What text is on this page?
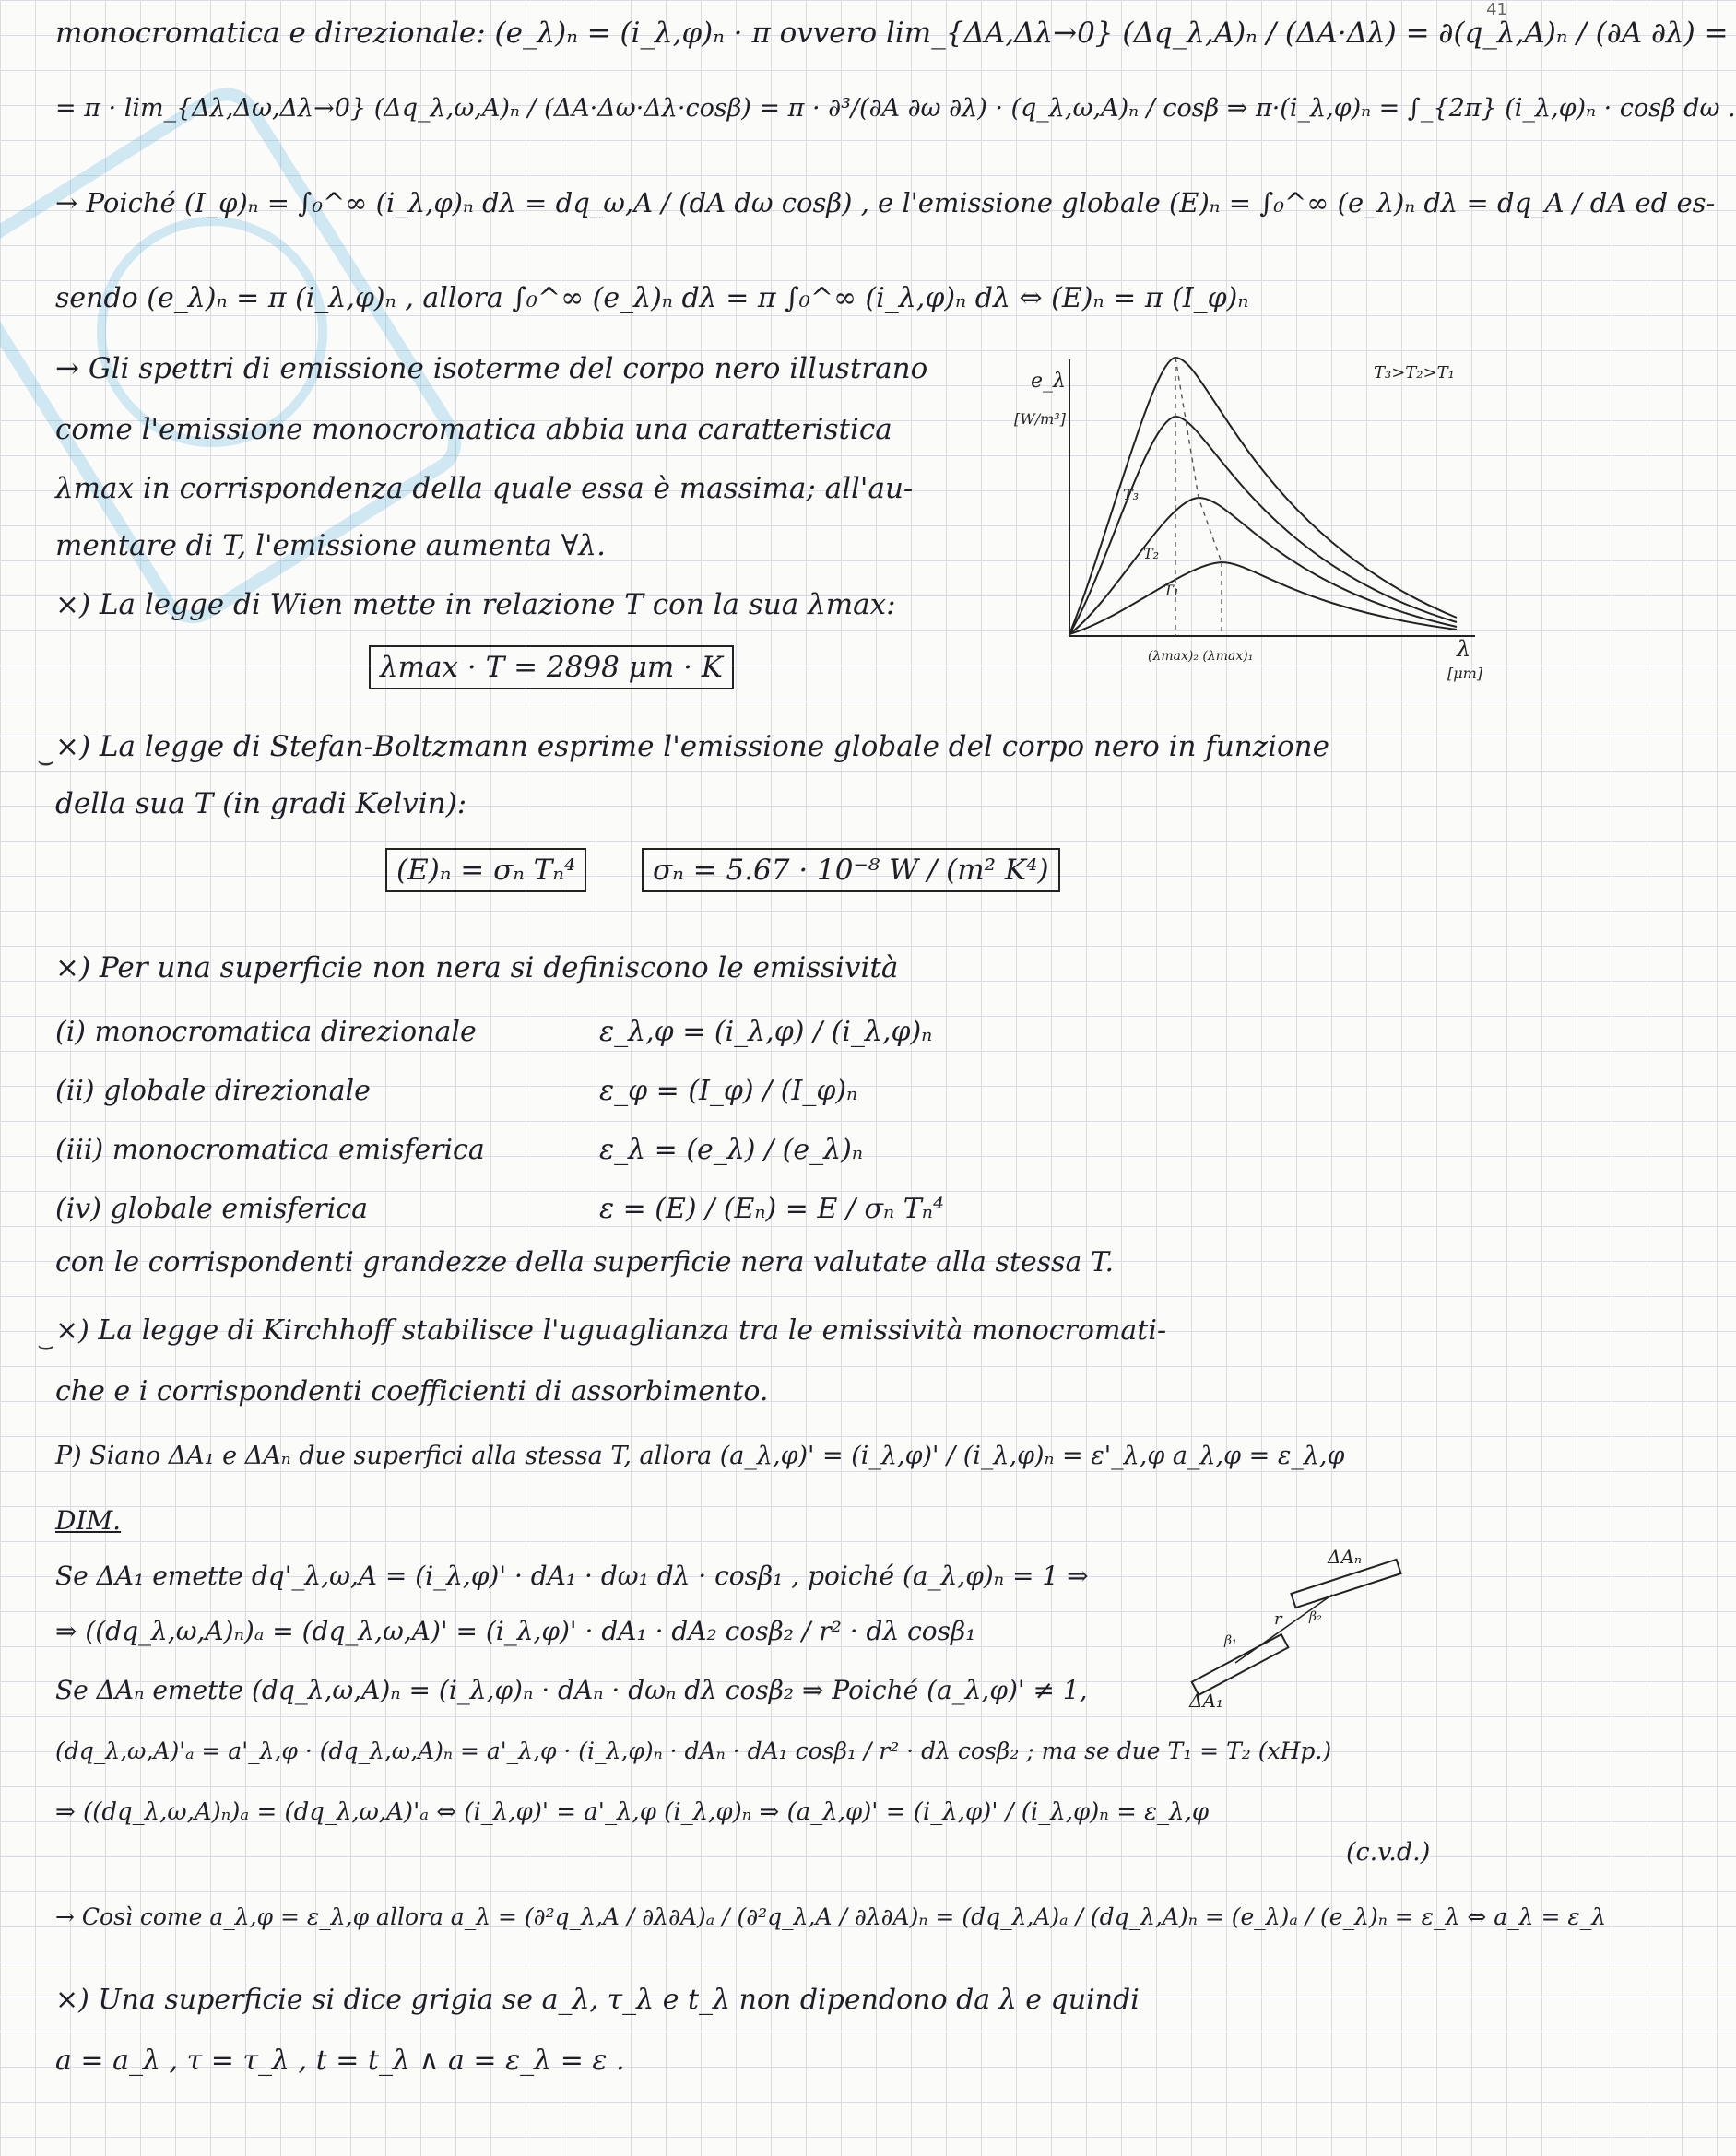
41
monocromatica e direzionale: (e_λ)ₙ = (i_λ,φ)ₙ · π ovvero lim_{ΔA,Δλ→0} (Δq_λ,A)ₙ / (ΔA·Δλ) = ∂(q_λ,A)ₙ / (∂A ∂λ) =
= π · lim_{Δλ,Δω,Δλ→0} (Δq_λ,ω,A)ₙ / (ΔA·Δω·Δλ·cosβ) = π · ∂³/(∂A ∂ω ∂λ) · (q_λ,ω,A)ₙ / cosβ ⇒ π·(i_λ,φ)ₙ = ∫_{2π} (i_λ,φ)ₙ · cosβ dω .
→ Poiché (I_φ)ₙ = ∫₀^∞ (i_λ,φ)ₙ dλ = dq_ω,A / (dA dω cosβ) , e l'emissione globale (E)ₙ = ∫₀^∞ (e_λ)ₙ dλ = dq_A / dA ed es-
sendo (e_λ)ₙ = π (i_λ,φ)ₙ , allora ∫₀^∞ (e_λ)ₙ dλ = π ∫₀^∞ (i_λ,φ)ₙ dλ ⇔ (E)ₙ = π (I_φ)ₙ
→ Gli spettri di emissione isoterme del corpo nero illustrano
come l'emissione monocromatica abbia una caratteristica
λmax in corrispondenza della quale essa è massima; all'au-
mentare di T, l'emissione aumenta ∀λ.
×) La legge di Wien mette in relazione T con la sua λmax:
λmax · T = 2898 μm · K
e_λ
[W/m³]
T₃>T₂>T₁
T₃
T₂
T₁
(λmax)₂ (λmax)₁	λ
[μm]
⌣ ×) La legge di Stefan-Boltzmann esprime l'emissione globale del corpo nero in funzione
della sua T (in gradi Kelvin):
(E)ₙ = σₙ Tₙ⁴	σₙ = 5.67 · 10⁻⁸ W / (m² K⁴)
×) Per una superficie non nera si definiscono le emissività
(i) monocromatica direzionale	ε_λ,φ = (i_λ,φ) / (i_λ,φ)ₙ
(ii) globale direzionale	ε_φ = (I_φ) / (I_φ)ₙ
(iii) monocromatica emisferica	ε_λ = (e_λ) / (e_λ)ₙ
(iv) globale emisferica	ε = (E) / (Eₙ) = E / σₙ Tₙ⁴
con le corrispondenti grandezze della superficie nera valutate alla stessa T.
⌣ ×) La legge di Kirchhoff stabilisce l'uguaglianza tra le emissività monocromati-
che e i corrispondenti coefficienti di assorbimento.
P) Siano ΔA₁ e ΔAₙ due superfici alla stessa T, allora (a_λ,φ)' = (i_λ,φ)' / (i_λ,φ)ₙ = ε'_λ,φ a_λ,φ = ε_λ,φ
DIM.
Se ΔA₁ emette dq'_λ,ω,A = (i_λ,φ)' · dA₁ · dω₁ dλ · cosβ₁ , poiché (a_λ,φ)ₙ = 1 ⇒
⇒ ((dq_λ,ω,A)ₙ)ₐ = (dq_λ,ω,A)' = (i_λ,φ)' · dA₁ · dA₂ cosβ₂ / r² · dλ cosβ₁
Se ΔAₙ emette (dq_λ,ω,A)ₙ = (i_λ,φ)ₙ · dAₙ · dωₙ dλ cosβ₂ ⇒ Poiché (a_λ,φ)' ≠ 1,
(dq_λ,ω,A)'ₐ = a'_λ,φ · (dq_λ,ω,A)ₙ = a'_λ,φ · (i_λ,φ)ₙ · dAₙ · dA₁ cosβ₁ / r² · dλ cosβ₂ ; ma se due T₁ = T₂ (xHp.)
⇒ ((dq_λ,ω,A)ₙ)ₐ = (dq_λ,ω,A)'ₐ ⇔ (i_λ,φ)' = a'_λ,φ (i_λ,φ)ₙ ⇒ (a_λ,φ)' = (i_λ,φ)' / (i_λ,φ)ₙ = ε_λ,φ
(c.v.d.)
ΔAₙ
ΔA₁
r
β₁
β₂
→ Così come a_λ,φ = ε_λ,φ allora a_λ = (∂²q_λ,A / ∂λ∂A)ₐ / (∂²q_λ,A / ∂λ∂A)ₙ = (dq_λ,A)ₐ / (dq_λ,A)ₙ = (e_λ)ₐ / (e_λ)ₙ = ε_λ ⇔ a_λ = ε_λ
×) Una superficie si dice grigia se a_λ, τ_λ e t_λ non dipendono da λ e quindi
a = a_λ , τ = τ_λ , t = t_λ ∧ a = ε_λ = ε .
